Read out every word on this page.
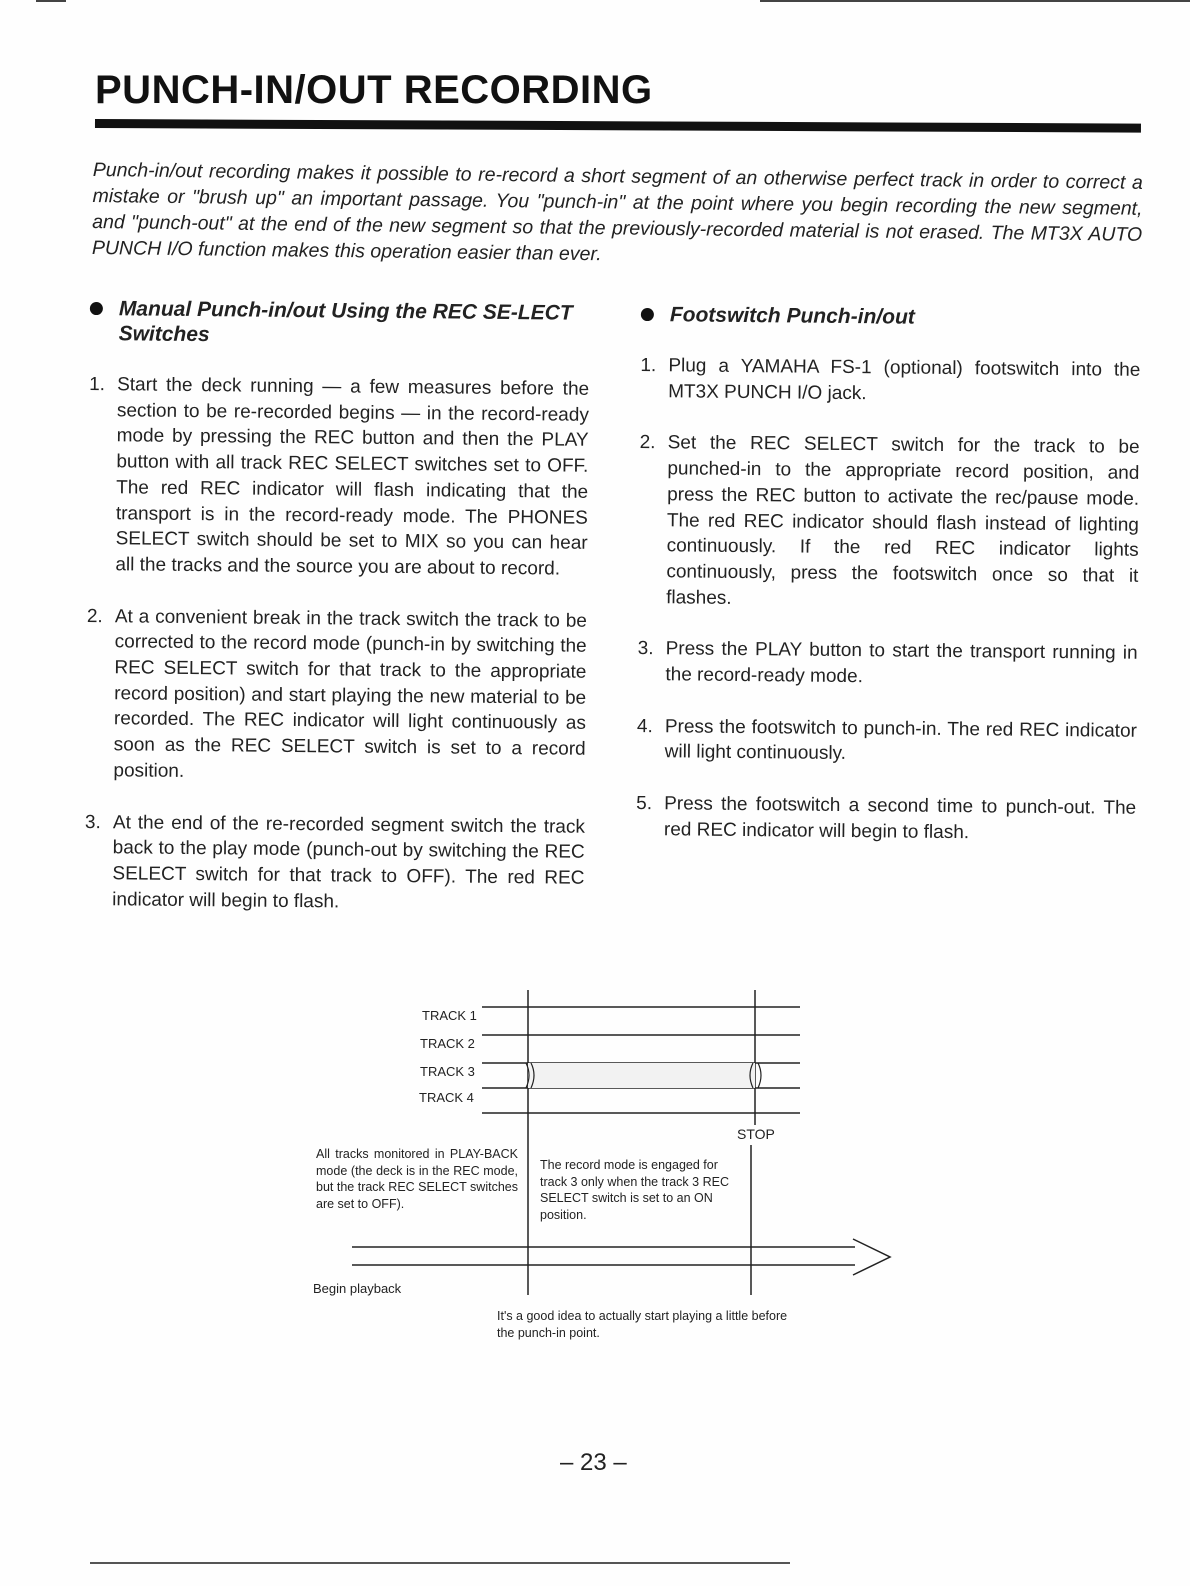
PUNCH-IN/OUT RECORDING

Punch-in/out recording makes it possible to re-record a short segment of an otherwise perfect track in order to correct a mistake or "brush up" an important passage. You "punch-in" at the point where you begin recording the new segment, and "punch-out" at the end of the new segment so that the previously-recorded material is not erased. The MT3X AUTO PUNCH I/O function makes this operation easier than ever.

Manual Punch-in/out Using the REC SE-LECT Switches
1. Start the deck running — a few measures before the section to be re-recorded begins — in the record-ready mode by pressing the REC button and then the PLAY button with all track REC SELECT switches set to OFF. The red REC indicator will flash indicating that the transport is in the record-ready mode. The PHONES SELECT switch should be set to MIX so you can hear all the tracks and the source you are about to record.
2. At a convenient break in the track switch the track to be corrected to the record mode (punch-in by switching the REC SELECT switch for that track to the appropriate record position) and start playing the new material to be recorded. The REC indicator will light continuously as soon as the REC SELECT switch is set to a record position.
3. At the end of the re-recorded segment switch the track back to the play mode (punch-out by switching the REC SELECT switch for that track to OFF). The red REC indicator will begin to flash.
Footswitch Punch-in/out
1. Plug a YAMAHA FS-1 (optional) footswitch into the MT3X PUNCH I/O jack.
2. Set the REC SELECT switch for the track to be punched-in to the appropriate record position, and press the REC button to activate the rec/pause mode. The red REC indicator should flash instead of lighting continuously. If the red REC indicator lights continuously, press the footswitch once so that it flashes.
3. Press the PLAY button to start the transport running in the record-ready mode.
4. Press the footswitch to punch-in. The red REC indicator will light continuously.
5. Press the footswitch a second time to punch-out. The red REC indicator will begin to flash.
TRACK 1
TRACK 2
TRACK 3
TRACK 4
STOP
All tracks monitored in PLAY-BACK mode (the deck is in the REC mode, but the track REC SELECT switches are set to OFF).
The record mode is engaged for track 3 only when the track 3 REC SELECT switch is set to an ON position.
Begin playback
It's a good idea to actually start playing a little before the punch-in point.
– 23 –
